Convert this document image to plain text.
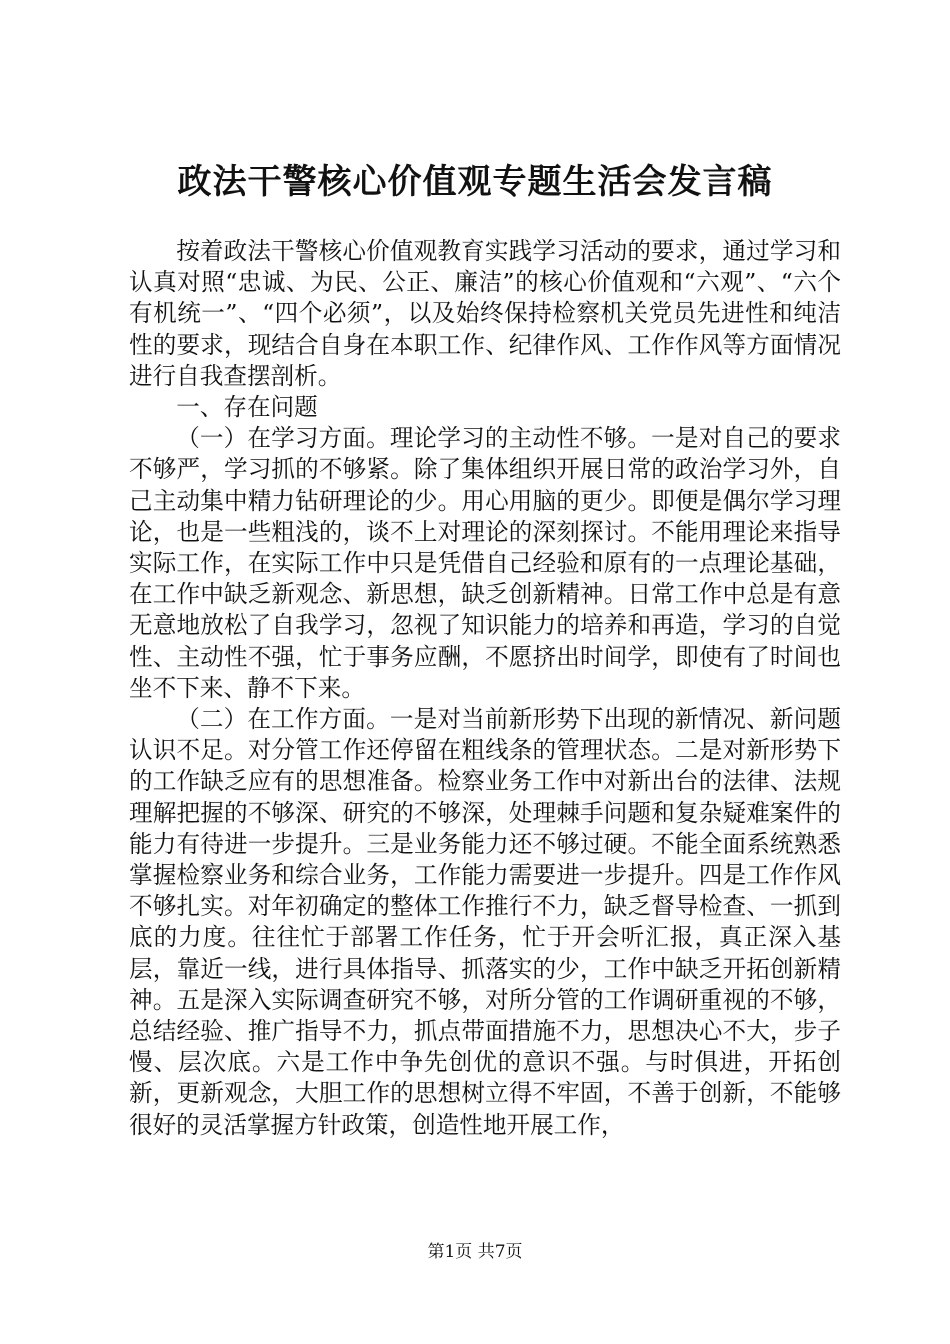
政法干警核心价值观专题生活会发言稿

按着政法干警核心价值观教育实践学习活动的要求，通过学习和认真对照“忠诚、为民、公正、廉洁”的核心价值观和“六观”、“六个有机统一”、“四个必须”，以及始终保持检察机关党员先进性和纯洁性的要求，现结合自身在本职工作、纪律作风、工作作风等方面情况进行自我查摆剖析。

一、存在问题

（一）在学习方面。理论学习的主动性不够。一是对自己的要求不够严，学习抓的不够紧。除了集体组织开展日常的政治学习外，自己主动集中精力钻研理论的少。用心用脑的更少。即便是偶尔学习理论，也是一些粗浅的，谈不上对理论的深刻探讨。不能用理论来指导实际工作，在实际工作中只是凭借自己经验和原有的一点理论基础，在工作中缺乏新观念、新思想，缺乏创新精神。日常工作中总是有意无意地放松了自我学习，忽视了知识能力的培养和再造，学习的自觉性、主动性不强，忙于事务应酬，不愿挤出时间学，即使有了时间也坐不下来、静不下来。

（二）在工作方面。一是对当前新形势下出现的新情况、新问题认识不足。对分管工作还停留在粗线条的管理状态。二是对新形势下的工作缺乏应有的思想准备。检察业务工作中对新出台的法律、法规理解把握的不够深、研究的不够深，处理棘手问题和复杂疑难案件的能力有待进一步提升。三是业务能力还不够过硬。不能全面系统熟悉掌握检察业务和综合业务，工作能力需要进一步提升。四是工作作风不够扎实。对年初确定的整体工作推行不力，缺乏督导检查、一抓到底的力度。往往忙于部署工作任务，忙于开会听汇报，真正深入基层，靠近一线，进行具体指导、抓落实的少，工作中缺乏开拓创新精神。五是深入实际调查研究不够，对所分管的工作调研重视的不够，总结经验、推广指导不力，抓点带面措施不力，思想决心不大，步子慢、层次底。六是工作中争先创优的意识不强。与时俱进，开拓创新，更新观念，大胆工作的思想树立得不牢固，不善于创新，不能够很好的灵活掌握方针政策，创造性地开展工作，

第1页 共7页
